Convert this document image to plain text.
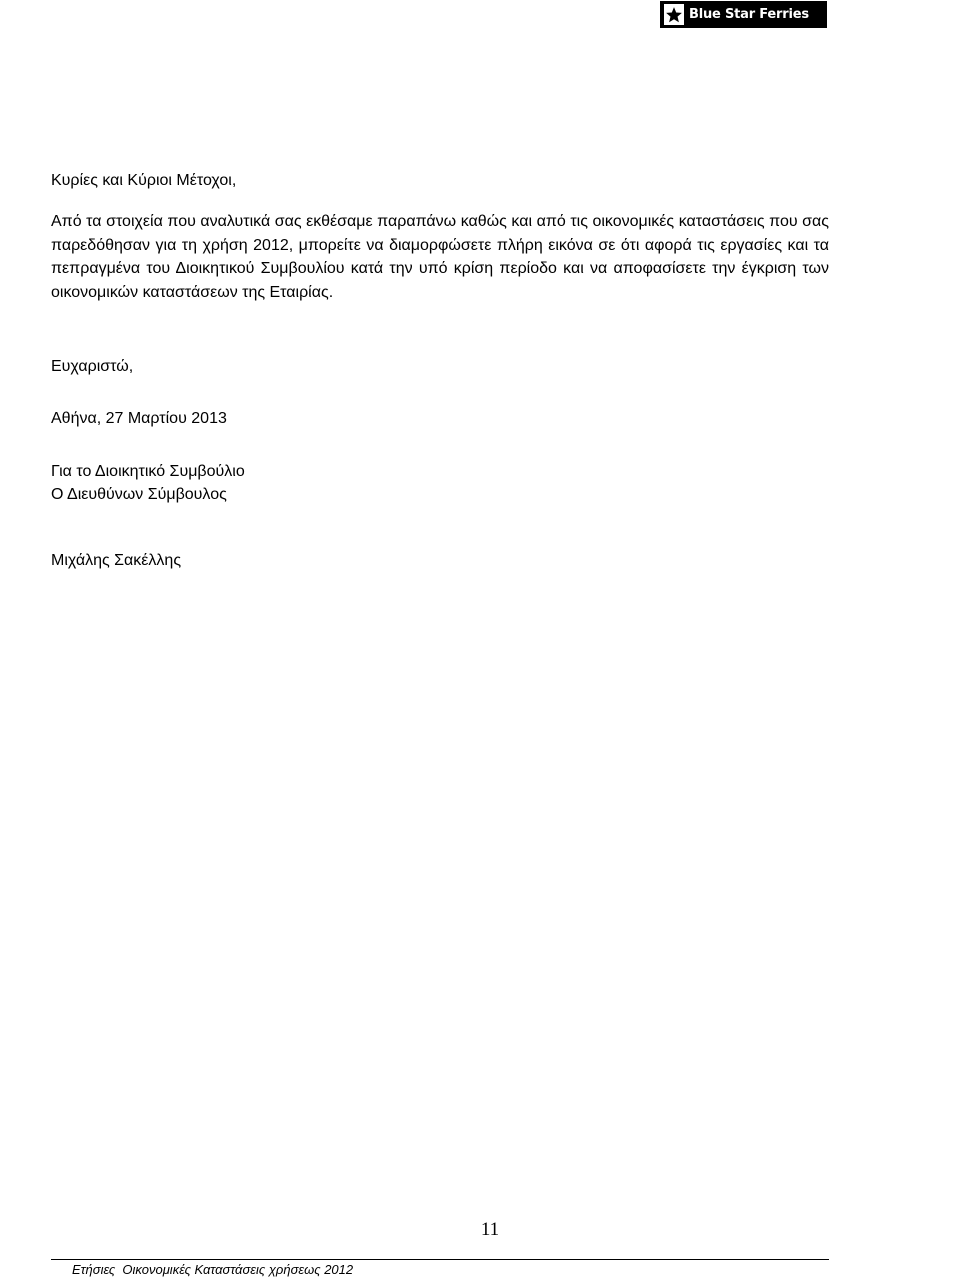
Blue Star Ferries
Κυρίες και Κύριοι Μέτοχοι,
Από τα στοιχεία που αναλυτικά σας εκθέσαμε παραπάνω καθώς και από τις οικονομικές καταστάσεις που σας παρεδόθησαν για τη χρήση 2012, μπορείτε να διαμορφώσετε πλήρη εικόνα σε ότι αφορά τις εργασίες και τα πεπραγμένα του Διοικητικού Συμβουλίου κατά την υπό κρίση περίοδο και να αποφασίσετε την έγκριση των οικονομικών καταστάσεων της Εταιρίας.
Ευχαριστώ,
Αθήνα, 27 Μαρτίου 2013
Για το Διοικητικό Συμβούλιο
Ο Διευθύνων Σύμβουλος
Μιχάλης Σακέλλης
11
Ετήσιες  Οικονομικές Καταστάσεις χρήσεως 2012
